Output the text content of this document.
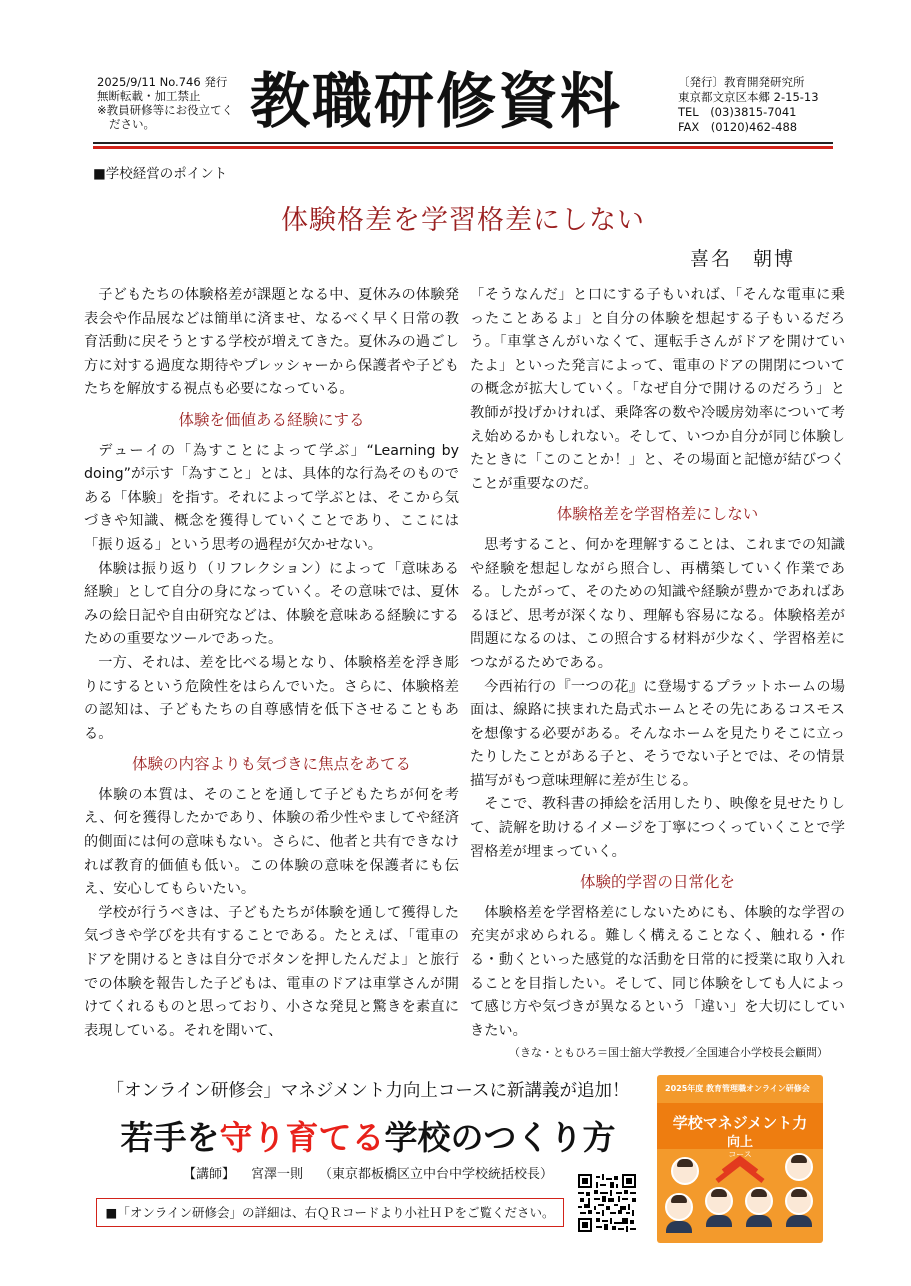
2025/9/11 No.746 発行
無断転載・加工禁止
※教員研修等にお役立てく
ださい。	教職研修資料	〔発行〕教育開発研究所
東京都文京区本郷 2-15-13
TEL　(03)3815-7041
FAX　(0120)462-488
■学校経営のポイント
体験格差を学習格差にしない
喜名　朝博

子どもたちの体験格差が課題となる中、夏休みの体験発表会や作品展などは簡単に済ませ、なるべく早く日常の教育活動に戻そうとする学校が増えてきた。夏休みの過ごし方に対する過度な期待やプレッシャーから保護者や子どもたちを解放する視点も必要になっている。

体験を価値ある経験にする

デューイの「為すことによって学ぶ」“Learning by doing”が示す「為すこと」とは、具体的な行為そのものである「体験」を指す。それによって学ぶとは、そこから気づきや知識、概念を獲得していくことであり、ここには「振り返る」という思考の過程が欠かせない。

体験は振り返り（リフレクション）によって「意味ある経験」として自分の身になっていく。その意味では、夏休みの絵日記や自由研究などは、体験を意味ある経験にするための重要なツールであった。

一方、それは、差を比べる場となり、体験格差を浮き彫りにするという危険性をはらんでいた。さらに、体験格差の認知は、子どもたちの自尊感情を低下させることもある。

体験の内容よりも気づきに焦点をあてる

体験の本質は、そのことを通して子どもたちが何を考え、何を獲得したかであり、体験の希少性やましてや経済的側面には何の意味もない。さらに、他者と共有できなければ教育的価値も低い。この体験の意味を保護者にも伝え、安心してもらいたい。

学校が行うべきは、子どもたちが体験を通して獲得した気づきや学びを共有することである。たとえば、「電車のドアを開けるときは自分でボタンを押したんだよ」と旅行での体験を報告した子どもは、電車のドアは車掌さんが開けてくれるものと思っており、小さな発見と驚きを素直に表現している。それを聞いて、

「そうなんだ」と口にする子もいれば、「そんな電車に乗ったことあるよ」と自分の体験を想起する子もいるだろう。「車掌さんがいなくて、運転手さんがドアを開けていたよ」といった発言によって、電車のドアの開閉についての概念が拡大していく。「なぜ自分で開けるのだろう」と教師が投げかければ、乗降客の数や冷暖房効率について考え始めるかもしれない。そして、いつか自分が同じ体験したときに「このことか！」と、その場面と記憶が結びつくことが重要なのだ。

体験格差を学習格差にしない

思考すること、何かを理解することは、これまでの知識や経験を想起しながら照合し、再構築していく作業である。したがって、そのための知識や経験が豊かであればあるほど、思考が深くなり、理解も容易になる。体験格差が問題になるのは、この照合する材料が少なく、学習格差につながるためである。

今西祐行の『一つの花』に登場するプラットホームの場面は、線路に挟まれた島式ホームとその先にあるコスモスを想像する必要がある。そんなホームを見たりそこに立ったりしたことがある子と、そうでない子とでは、その情景描写がもつ意味理解に差が生じる。

そこで、教科書の挿絵を活用したり、映像を見せたりして、読解を助けるイメージを丁寧につくっていくことで学習格差が埋まっていく。

体験的学習の日常化を

体験格差を学習格差にしないためにも、体験的な学習の充実が求められる。難しく構えることなく、触れる・作る・動くといった感覚的な活動を日常的に授業に取り入れることを目指したい。そして、同じ体験をしても人によって感じ方や気づきが異なるという「違い」を大切にしていきたい。

（きな・ともひろ＝国士舘大学教授／全国連合小学校長会顧問）
「オンライン研修会」マネジメント力向上コースに新講義が追加！
若手を守り育てる学校のつくり方
【講師】 宮澤一則 （東京都板橋区立中台中学校統括校長）
■「オンライン研修会」の詳細は、右ＱＲコードより小社ＨＰをご覧ください。
2025年度 教育管理職オンライン研修会
学校マネジメント力
向上
コース
